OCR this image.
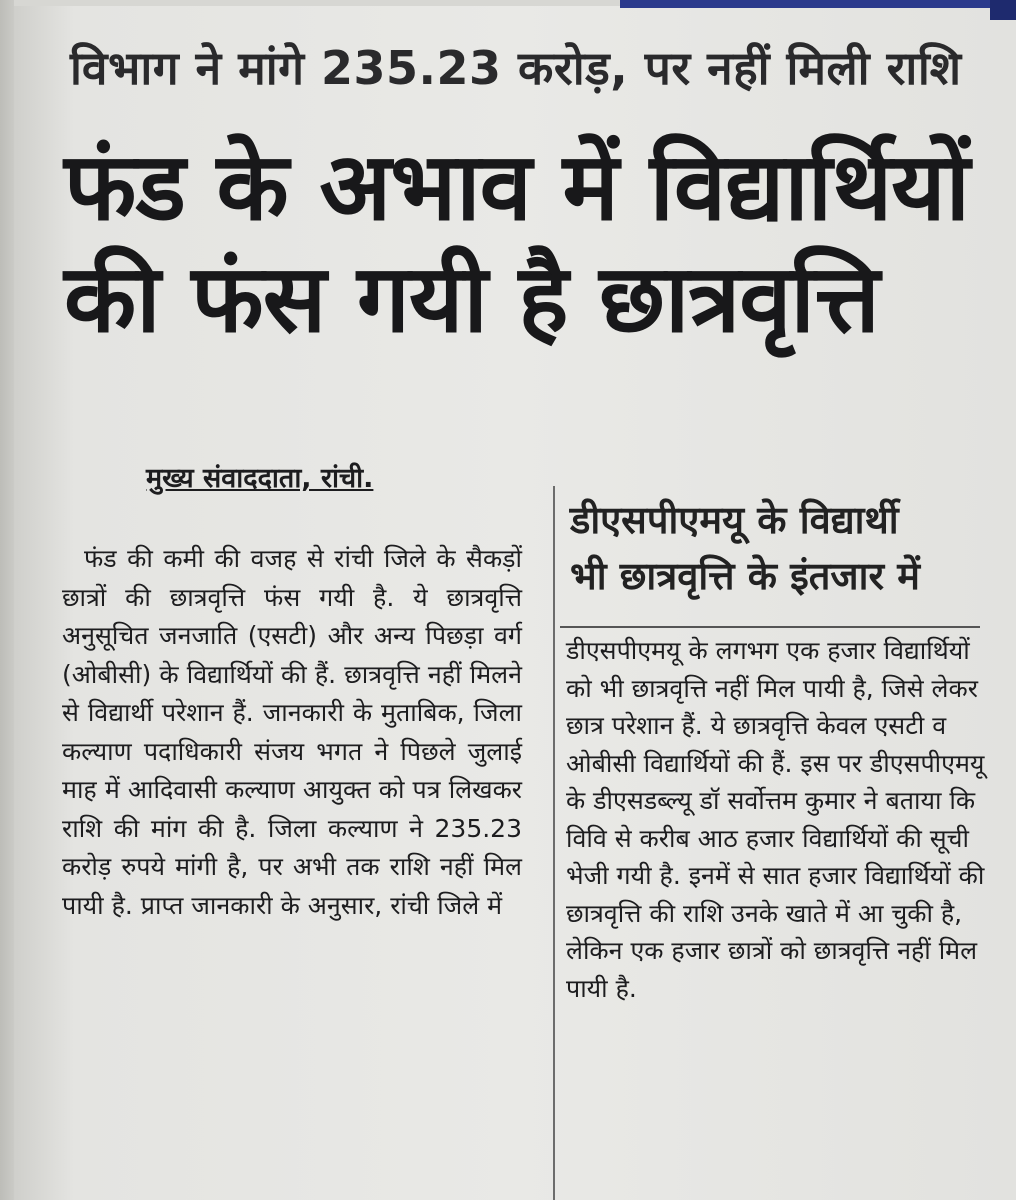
विभाग ने मांगे 235.23 करोड़, पर नहीं मिली राशि
फंड के अभाव में विद्यार्थियों
की फंस गयी है छात्रवृत्ति
मुख्य संवाददाता, रांची.

फंड की कमी की वजह से रांची जिले के सैकड़ों छात्रों की छात्रवृत्ति फंस गयी है. ये छात्रवृत्ति अनुसूचित जनजाति (एसटी) और अन्य पिछड़ा वर्ग (ओबीसी) के विद्यार्थियों की हैं. छात्रवृत्ति नहीं मिलने से विद्यार्थी परेशान हैं. जानकारी के मुताबिक, जिला कल्याण पदाधिकारी संजय भगत ने पिछले जुलाई माह में आदिवासी कल्याण आयुक्त को पत्र लिखकर राशि की मांग की है. जिला कल्याण ने 235.23 करोड़ रुपये मांगी है, पर अभी तक राशि नहीं मिल पायी है. प्राप्त जानकारी के अनुसार, रांची जिले में

डीएसपीएमयू के विद्यार्थी
भी छात्रवृत्ति के इंतजार में

डीएसपीएमयू के लगभग एक हजार विद्यार्थियों को भी छात्रवृत्ति नहीं मिल पायी है, जिसे लेकर छात्र परेशान हैं. ये छात्रवृत्ति केवल एसटी व ओबीसी विद्यार्थियों की हैं. इस पर डीएसपीएमयू के डीएसडब्ल्यू डॉ सर्वोत्तम कुमार ने बताया कि विवि से करीब आठ हजार विद्यार्थियों की सूची भेजी गयी है. इनमें से सात हजार विद्यार्थियों की छात्रवृत्ति की राशि उनके खाते में आ चुकी है, लेकिन एक हजार छात्रों को छात्रवृत्ति नहीं मिल पायी है.
